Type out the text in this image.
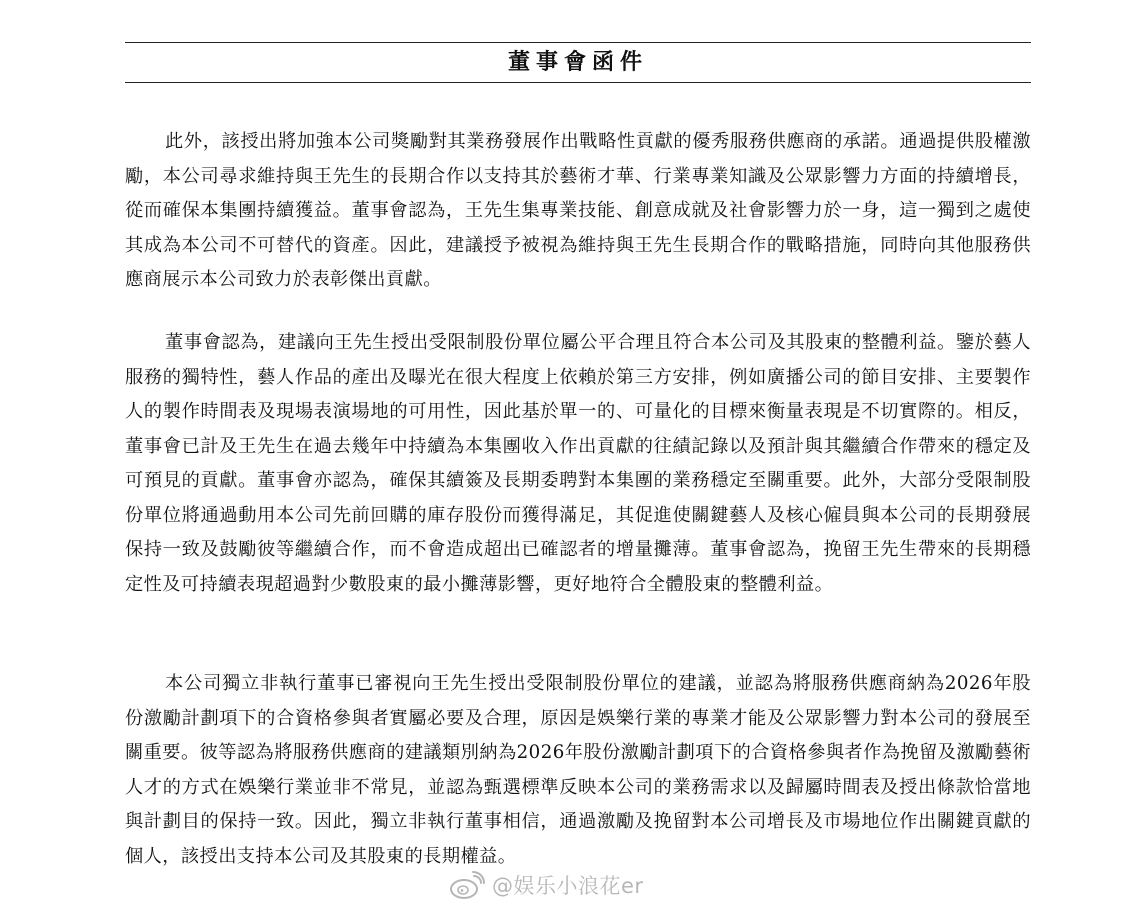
董事會函件

此外，該授出將加強本公司獎勵對其業務發展作出戰略性貢獻的優秀服務供應商的承諾。通過提供股權激勵，本公司尋求維持與王先生的長期合作以支持其於藝術才華、行業專業知識及公眾影響力方面的持續增長，從而確保本集團持續獲益。董事會認為，王先生集專業技能、創意成就及社會影響力於一身，這一獨到之處使其成為本公司不可替代的資產。因此，建議授予被視為維持與王先生長期合作的戰略措施，同時向其他服務供應商展示本公司致力於表彰傑出貢獻。

董事會認為，建議向王先生授出受限制股份單位屬公平合理且符合本公司及其股東的整體利益。鑒於藝人服務的獨特性，藝人作品的產出及曝光在很大程度上依賴於第三方安排，例如廣播公司的節目安排、主要製作人的製作時間表及現場表演場地的可用性，因此基於單一的、可量化的目標來衡量表現是不切實際的。相反，董事會已計及王先生在過去幾年中持續為本集團收入作出貢獻的往績記錄以及預計與其繼續合作帶來的穩定及可預見的貢獻。董事會亦認為，確保其續簽及長期委聘對本集團的業務穩定至關重要。此外，大部分受限制股份單位將通過動用本公司先前回購的庫存股份而獲得滿足，其促進使關鍵藝人及核心僱員與本公司的長期發展保持一致及鼓勵彼等繼續合作，而不會造成超出已確認者的增量攤薄。董事會認為，挽留王先生帶來的長期穩定性及可持續表現超過對少數股東的最小攤薄影響，更好地符合全體股東的整體利益。

本公司獨立非執行董事已審視向王先生授出受限制股份單位的建議，並認為將服務供應商納為2026年股份激勵計劃項下的合資格參與者實屬必要及合理，原因是娛樂行業的專業才能及公眾影響力對本公司的發展至關重要。彼等認為將服務供應商的建議類別納為2026年股份激勵計劃項下的合資格參與者作為挽留及激勵藝術人才的方式在娛樂行業並非不常見，並認為甄選標準反映本公司的業務需求以及歸屬時間表及授出條款恰當地與計劃目的保持一致。因此，獨立非執行董事相信，通過激勵及挽留對本公司增長及市場地位作出關鍵貢獻的個人，該授出支持本公司及其股東的長期權益。

@娱乐小浪花er
